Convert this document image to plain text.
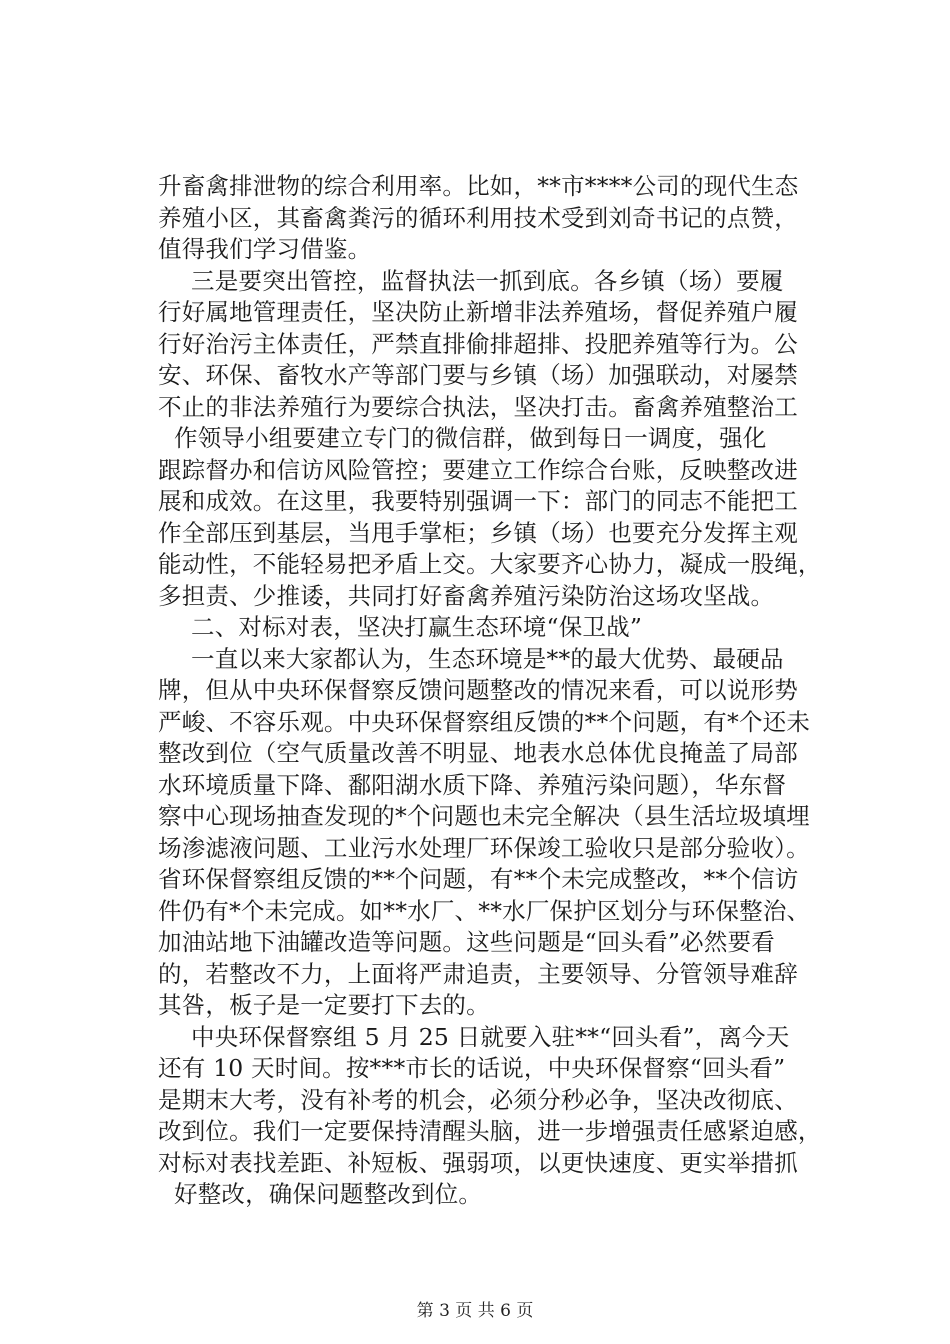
升畜禽排泄物的综合利用率。比如，**市****公司的现代生态
养殖小区，其畜禽粪污的循环利用技术受到刘奇书记的点赞，
值得我们学习借鉴。
三是要突出管控，监督执法一抓到底。各乡镇（场）要履
行好属地管理责任，坚决防止新增非法养殖场，督促养殖户履
行好治污主体责任，严禁直排偷排超排、投肥养殖等行为。公
安、环保、畜牧水产等部门要与乡镇（场）加强联动，对屡禁
不止的非法养殖行为要综合执法，坚决打击。畜禽养殖整治工
作领导小组要建立专门的微信群，做到每日一调度，强化
跟踪督办和信访风险管控；要建立工作综合台账，反映整改进
展和成效。在这里，我要特别强调一下：部门的同志不能把工
作全部压到基层，当甩手掌柜；乡镇（场）也要充分发挥主观
能动性，不能轻易把矛盾上交。大家要齐心协力，凝成一股绳，
多担责、少推诿，共同打好畜禽养殖污染防治这场攻坚战。
二、对标对表，坚决打赢生态环境“保卫战”
一直以来大家都认为，生态环境是**的最大优势、最硬品
牌，但从中央环保督察反馈问题整改的情况来看，可以说形势
严峻、不容乐观。中央环保督察组反馈的**个问题，有*个还未
整改到位（空气质量改善不明显、地表水总体优良掩盖了局部
水环境质量下降、鄱阳湖水质下降、养殖污染问题），华东督
察中心现场抽查发现的*个问题也未完全解决（县生活垃圾填埋
场渗滤液问题、工业污水处理厂环保竣工验收只是部分验收）。
省环保督察组反馈的**个问题，有**个未完成整改，**个信访
件仍有*个未完成。如**水厂、**水厂保护区划分与环保整治、
加油站地下油罐改造等问题。这些问题是“回头看”必然要看
的，若整改不力，上面将严肃追责，主要领导、分管领导难辞
其咎，板子是一定要打下去的。
中央环保督察组 5 月 25 日就要入驻**“回头看”，离今天
还有 10 天时间。按***市长的话说，中央环保督察“回头看”
是期末大考，没有补考的机会，必须分秒必争，坚决改彻底、
改到位。我们一定要保持清醒头脑，进一步增强责任感紧迫感，
对标对表找差距、补短板、强弱项，以更快速度、更实举措抓
好整改，确保问题整改到位。
第 3 页 共 6 页
